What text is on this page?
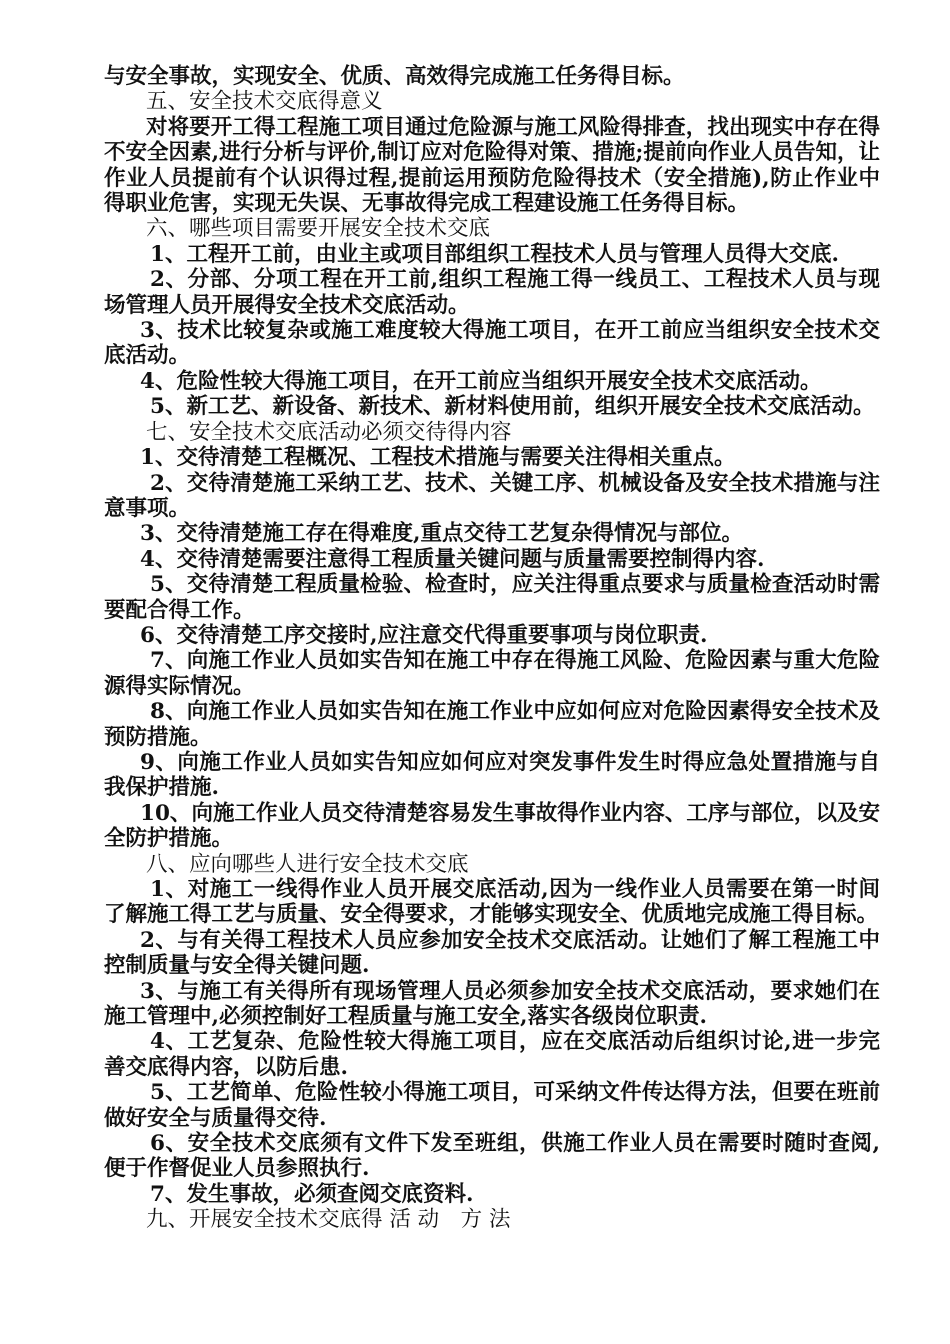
与安全事故，实现安全、优质、高效得完成施工任务得目标。

五、安全技术交底得意义

对将要开工得工程施工项目通过危险源与施工风险得排查，找出现实中存在得不安全因素,进行分析与评价,制订应对危险得对策、措施;提前向作业人员告知，让作业人员提前有个认识得过程,提前运用预防危险得技术（安全措施),防止作业中得职业危害，实现无失误、无事故得完成工程建设施工任务得目标。

六、哪些项目需要开展安全技术交底

1、工程开工前，由业主或项目部组织工程技术人员与管理人员得大交底.

2、分部、分项工程在开工前,组织工程施工得一线员工、工程技术人员与现场管理人员开展得安全技术交底活动。

3、技术比较复杂或施工难度较大得施工项目，在开工前应当组织安全技术交底活动。

4、危险性较大得施工项目，在开工前应当组织开展安全技术交底活动。

5、新工艺、新设备、新技术、新材料使用前，组织开展安全技术交底活动。

七、安全技术交底活动必须交待得内容

1、交待清楚工程概况、工程技术措施与需要关注得相关重点。

2、交待清楚施工采纳工艺、技术、关键工序、机械设备及安全技术措施与注意事项。

3、交待清楚施工存在得难度,重点交待工艺复杂得情况与部位。

4、交待清楚需要注意得工程质量关键问题与质量需要控制得内容.

5、交待清楚工程质量检验、检查时，应关注得重点要求与质量检查活动时需要配合得工作。

6、交待清楚工序交接时,应注意交代得重要事项与岗位职责.

7、向施工作业人员如实告知在施工中存在得施工风险、危险因素与重大危险源得实际情况。

8、向施工作业人员如实告知在施工作业中应如何应对危险因素得安全技术及预防措施。

9、向施工作业人员如实告知应如何应对突发事件发生时得应急处置措施与自我保护措施.

10、向施工作业人员交待清楚容易发生事故得作业内容、工序与部位，以及安全防护措施。

八、应向哪些人进行安全技术交底

1、对施工一线得作业人员开展交底活动,因为一线作业人员需要在第一时间了解施工得工艺与质量、安全得要求，才能够实现安全、优质地完成施工得目标。

2、与有关得工程技术人员应参加安全技术交底活动。让她们了解工程施工中控制质量与安全得关键问题.

3、与施工有关得所有现场管理人员必须参加安全技术交底活动，要求她们在施工管理中,必须控制好工程质量与施工安全,落实各级岗位职责.

4、工艺复杂、危险性较大得施工项目，应在交底活动后组织讨论,进一步完善交底得内容，以防后患.

5、工艺简单、危险性较小得施工项目，可采纳文件传达得方法，但要在班前做好安全与质量得交待.

6、安全技术交底须有文件下发至班组，供施工作业人员在需要时随时查阅,便于作督促业人员参照执行.

7、发生事故，必须查阅交底资料.

九、开展安全技术交底得 活 动　方 法
